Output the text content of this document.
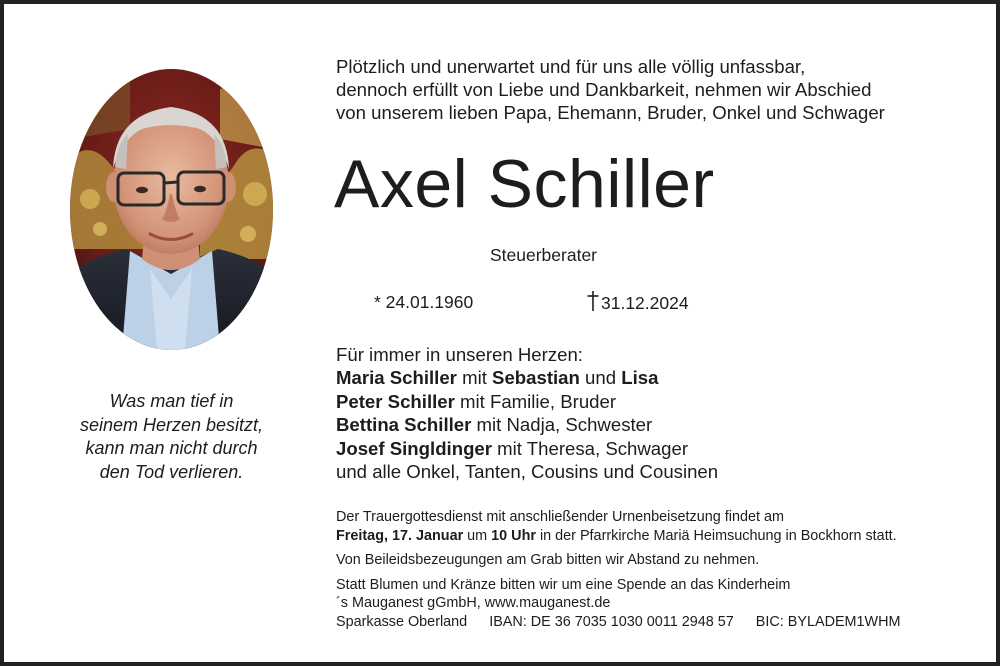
Was man tief in
seinem Herzen besitzt,
kann man nicht durch
den Tod verlieren.
Plötzlich und unerwartet und für uns alle völlig unfassbar,
dennoch erfüllt von Liebe und Dankbarkeit, nehmen wir Abschied
von unserem lieben Papa, Ehemann, Bruder, Onkel und Schwager
Axel Schiller
Steuerberater
* 24.01.1960	31.12.2024
Für immer in unseren Herzen:
Maria Schiller mit Sebastian und Lisa
Peter Schiller mit Familie, Bruder
Bettina Schiller mit Nadja, Schwester
Josef Singldinger mit Theresa, Schwager
und alle Onkel, Tanten, Cousins und Cousinen
Der Trauergottesdienst mit anschließender Urnenbeisetzung findet am
Freitag, 17. Januar um 10 Uhr in der Pfarrkirche Mariä Heimsuchung in Bockhorn statt.
Von Beileidsbezeugungen am Grab bitten wir Abstand zu nehmen.
Statt Blumen und Kränze bitten wir um eine Spende an das Kinderheim
´s Mauganest gGmbH, www.mauganest.de
Sparkasse Oberland IBAN: DE 36 7035 1030 0011 2948 57 BIC: BYLADEM1WHM
